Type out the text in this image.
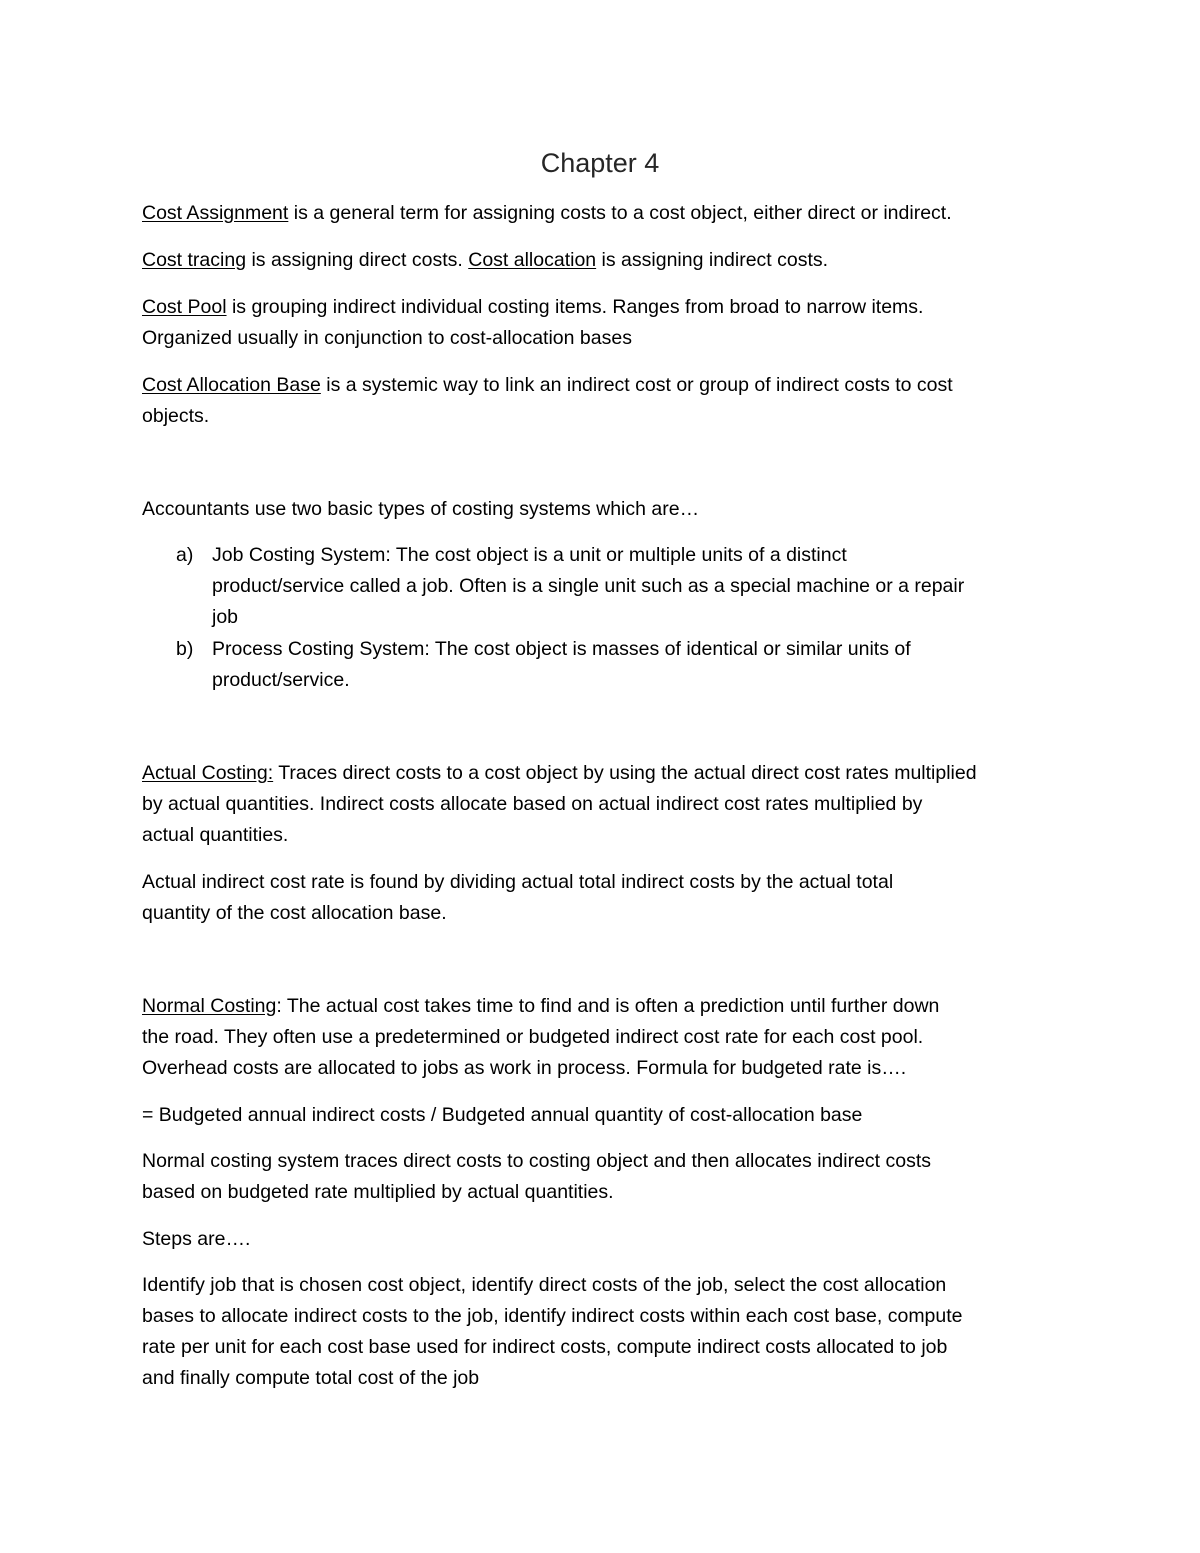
Chapter 4
Cost Assignment is a general term for assigning costs to a cost object, either direct or indirect.
Cost tracing is assigning direct costs. Cost allocation is assigning indirect costs.
Cost Pool is grouping indirect individual costing items. Ranges from broad to narrow items.
Organized usually in conjunction to cost-allocation bases
Cost Allocation Base is a systemic way to link an indirect cost or group of indirect costs to cost
objects.
Accountants use two basic types of costing systems which are…
a) Job Costing System: The cost object is a unit or multiple units of a distinct
product/service called a job. Often is a single unit such as a special machine or a repair
job
b) Process Costing System: The cost object is masses of identical or similar units of
product/service.
Actual Costing: Traces direct costs to a cost object by using the actual direct cost rates multiplied
by actual quantities. Indirect costs allocate based on actual indirect cost rates multiplied by
actual quantities.
Actual indirect cost rate is found by dividing actual total indirect costs by the actual total
quantity of the cost allocation base.
Normal Costing: The actual cost takes time to find and is often a prediction until further down
the road. They often use a predetermined or budgeted indirect cost rate for each cost pool.
Overhead costs are allocated to jobs as work in process. Formula for budgeted rate is….
= Budgeted annual indirect costs / Budgeted annual quantity of cost-allocation base
Normal costing system traces direct costs to costing object and then allocates indirect costs
based on budgeted rate multiplied by actual quantities.
Steps are….
Identify job that is chosen cost object, identify direct costs of the job, select the cost allocation
bases to allocate indirect costs to the job, identify indirect costs within each cost base, compute
rate per unit for each cost base used for indirect costs, compute indirect costs allocated to job
and finally compute total cost of the job
